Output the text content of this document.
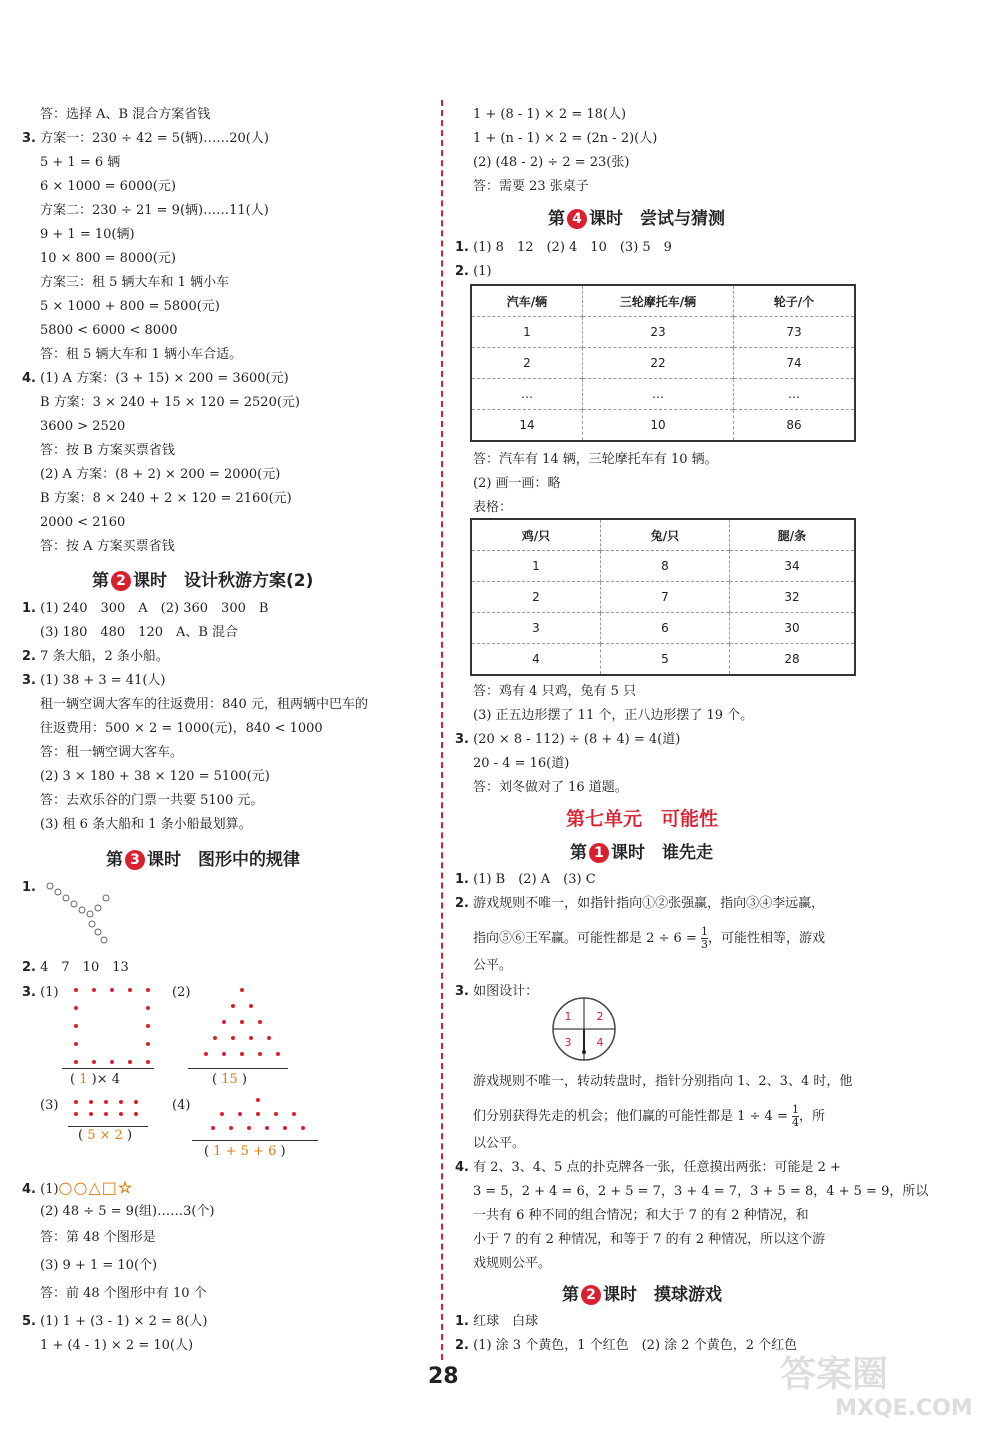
答：选择 A、B 混合方案省钱
3. 方案一：230 ÷ 42 = 5(辆)……20(人)
5 + 1 = 6 辆
6 × 1000 = 6000(元)
方案二：230 ÷ 21 = 9(辆)……11(人)
9 + 1 = 10(辆)
10 × 800 = 8000(元)
方案三：租 5 辆大车和 1 辆小车
5 × 1000 + 800 = 5800(元)
5800 < 6000 < 8000
答：租 5 辆大车和 1 辆小车合适。
4. (1) A 方案：(3 + 15) × 200 = 3600(元)
B 方案：3 × 240 + 15 × 120 = 2520(元)
3600 > 2520
答：按 B 方案买票省钱
(2) A 方案：(8 + 2) × 200 = 2000(元)
B 方案：8 × 240 + 2 × 120 = 2160(元)
2000 < 2160
答：按 A 方案买票省钱
第 2 课时　设计秋游方案(2)
1. (1) 240　300　A　(2) 360　300　B
(3) 180　480　120　A、B 混合
2. 7 条大船，2 条小船。
3. (1) 38 + 3 = 41(人)
租一辆空调大客车的往返费用：840 元，租两辆中巴车的
往返费用：500 × 2 = 1000(元)，840 < 1000
答：租一辆空调大客车。
(2) 3 × 180 + 38 × 120 = 5100(元)
答：去欢乐谷的门票一共要 5100 元。
(3) 租 6 条大船和 1 条小船最划算。
第 3 课时　图形中的规律
1.
2. 4　7　10　13
3. (1)	(2)
( 1 )× 4	( 15 )
(3)	(4)
( 5 × 2 )
( 1 + 5 + 6 )
4. (1)○○△□☆
(2) 48 ÷ 5 = 9(组)……3(个)
答：第 48 个图形是
(3) 9 + 1 = 10(个)
答：前 48 个图形中有 10 个
5. (1) 1 + (3 - 1) × 2 = 8(人)
1 + (4 - 1) × 2 = 10(人)
1 + (8 - 1) × 2 = 18(人)
1 + (n - 1) × 2 = (2n - 2)(人)
(2) (48 - 2) ÷ 2 = 23(张)
答：需要 23 张桌子
第 4 课时　尝试与猜测
1. (1) 8　12　(2) 4　10　(3) 5　9
2. (1)
汽车/辆	三轮摩托车/辆	轮子/个
1	23	73
2	22	74
…	…	…
14	10	86
答：汽车有 14 辆，三轮摩托车有 10 辆。
(2) 画一画：略
表格：
鸡/只	兔/只	腿/条
1	8	34
2	7	32
3	6	30
4	5	28
答：鸡有 4 只鸡，兔有 5 只
(3) 正五边形摆了 11 个，正八边形摆了 19 个。
3. (20 × 8 - 112) ÷ (8 + 4) = 4(道)
20 - 4 = 16(道)
答：刘冬做对了 16 道题。
第七单元　可能性
第 1 课时　谁先走
1. (1) B　(2) A　(3) C
2. 游戏规则不唯一，如指针指向①②张强赢，指向③④李远赢，
指向⑤⑥王军赢。可能性都是 $2 \div 6 = \frac{1}{3}$ ，可能性相等，游戏
公平。
3. 如图设计：
1 2
3 4
游戏规则不唯一，转动转盘时，指针分别指向 1、2、3、4 时，他
们分别获得先走的机会；他们赢的可能性都是 $1 \div 4 = \frac{1}{4}$ ，所
以公平。
4. 有 2、3、4、5 点的扑克牌各一张，任意摸出两张：可能是 2 +
3 = 5，2 + 4 = 6，2 + 5 = 7，3 + 4 = 7，3 + 5 = 8，4 + 5 = 9，所以
一共有 6 种不同的组合情况；和大于 7 的有 2 种情况，和
小于 7 的有 2 种情况，和等于 7 的有 2 种情况，所以这个游
戏规则公平。
第 2 课时　摸球游戏
1. 红球　白球
2. (1) 涂 3 个黄色，1 个红色　(2) 涂 2 个黄色，2 个红色
28	答案圈
MXQE.COM
